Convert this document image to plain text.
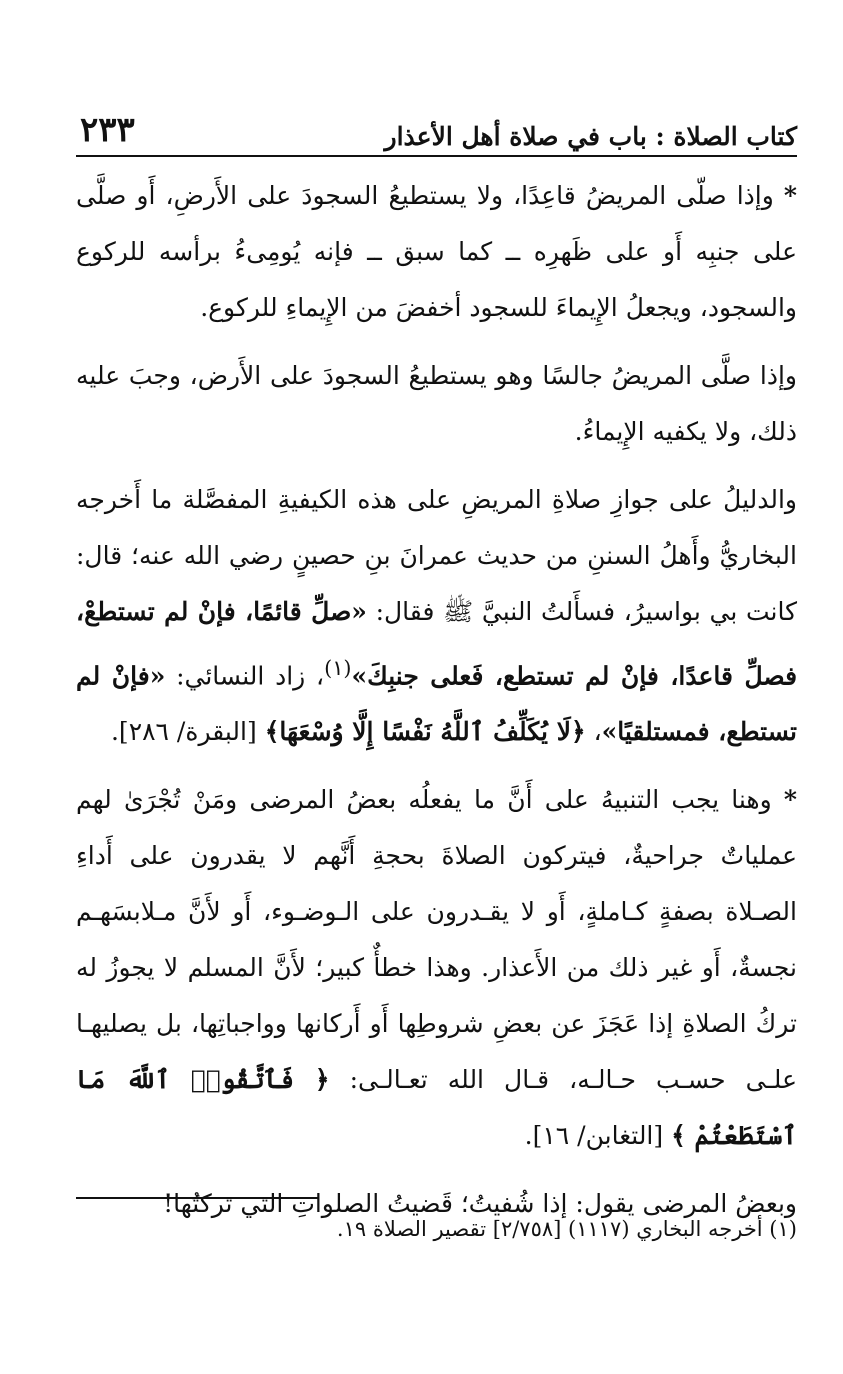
كتاب الصلاة : باب في صلاة أهل الأعذار
٢٣٣

* وإذا صلّى المريضُ قاعِدًا، ولا يستطيعُ السجودَ على الأَرضِ، أَو صلَّى على جنبِه أَو على ظَهرِه ــ كما سبق ــ فإنه يُومِىءُ برأسه للركوع والسجود، ويجعلُ الإِيماءَ للسجود أخفضَ من الإِيماءِ للركوع.

وإذا صلَّى المريضُ جالسًا وهو يستطيعُ السجودَ على الأَرض، وجبَ عليه ذلك، ولا يكفيه الإِيماءُ.

والدليلُ على جوازِ صلاةِ المريضِ على هذه الكيفيةِ المفصَّلة ما أَخرجه البخاريُّ وأَهلُ السننِ من حديث عمرانَ بنِ حصينٍ رضي الله عنه؛ قال: كانت بي بواسيرُ، فسأَلتُ النبيَّ ﷺ فقال: «صلِّ قائمًا، فإنْ لم تستطعْ، فصلِّ قاعدًا، فإنْ لم تستطع، فَعلى جنبِكَ»$^{(١)}$، زاد النسائي: «فإنْ لم تستطع، فمستلقيًا»، ﴿لَا يُكَلِّفُ ٱللَّهُ نَفْسًا إِلَّا وُسْعَهَا﴾ [البقرة/ ٢٨٦].

* وهنا يجب التنبيهُ على أَنَّ ما يفعلُه بعضُ المرضى ومَنْ تُجْرَىٰ لهم عملياتٌ جراحيةٌ، فيتركون الصلاةَ بحجةِ أَنَّهم لا يقدرون على أَداءِ الصـلاة بصفةٍ كـاملةٍ، أَو لا يقـدرون على الـوضـوء، أَو لأَنَّ مـلابسَهـم نجسةٌ، أَو غير ذلك من الأَعذار. وهذا خطأٌ كبير؛ لأَنَّ المسلم لا يجوزُ له تركُ الصلاةِ إذا عَجَزَ عن بعضِ شروطِها أَو أَركانها وواجباتِها، بل يصليهـا علـى حسـب حـالـه، قـال الله تعـالـى: ﴿ فَٱتَّقُوا۟ ٱللَّهَ مَا ٱسْتَطَعْتُمْ ﴾ [التغابن/ ١٦].

وبعضُ المرضى يقول: إذا شُفيتُ؛ قَضيتُ الصلواتِ التي تركتُها!

(١) أخرجه البخاري (١١١٧) [٢/٧٥٨] تقصير الصلاة ١٩.
